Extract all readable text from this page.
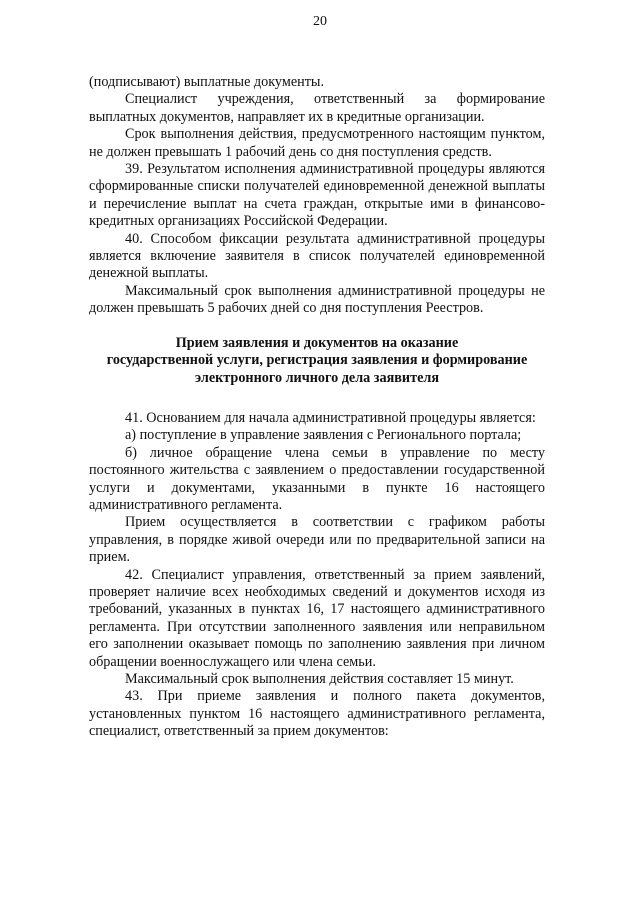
20

(подписывают) выплатные документы.

Специалист учреждения, ответственный за формирование выплатных документов, направляет их в кредитные организации.

Срок выполнения действия, предусмотренного настоящим пунктом, не должен превышать 1 рабочий день со дня поступления средств.

39. Результатом исполнения административной процедуры являются сформированные списки получателей единовременной денежной выплаты и перечисление выплат на счета граждан, открытые ими в финансово-кредитных организациях Российской Федерации.

40. Способом фиксации результата административной процедуры является включение заявителя в список получателей единовременной денежной выплаты.

Максимальный срок выполнения административной процедуры не должен превышать 5 рабочих дней со дня поступления Реестров.

Прием заявления и документов на оказание
государственной услуги, регистрация заявления и формирование
электронного личного дела заявителя

41. Основанием для начала административной процедуры является:

а) поступление в управление заявления с Регионального портала;

б) личное обращение члена семьи в управление по месту постоянного жительства с заявлением о предоставлении государственной услуги и документами, указанными в пункте 16 настоящего административного регламента.

Прием осуществляется в соответствии с графиком работы управления, в порядке живой очереди или по предварительной записи на прием.

42. Специалист управления, ответственный за прием заявлений, проверяет наличие всех необходимых сведений и документов исходя из требований, указанных в пунктах 16, 17 настоящего административного регламента. При отсутствии заполненного заявления или неправильном его заполнении оказывает помощь по заполнению заявления при личном обращении военнослужащего или члена семьи.

Максимальный срок выполнения действия составляет 15 минут.

43. При приеме заявления и полного пакета документов, установленных пунктом 16 настоящего административного регламента, специалист, ответственный за прием документов:
